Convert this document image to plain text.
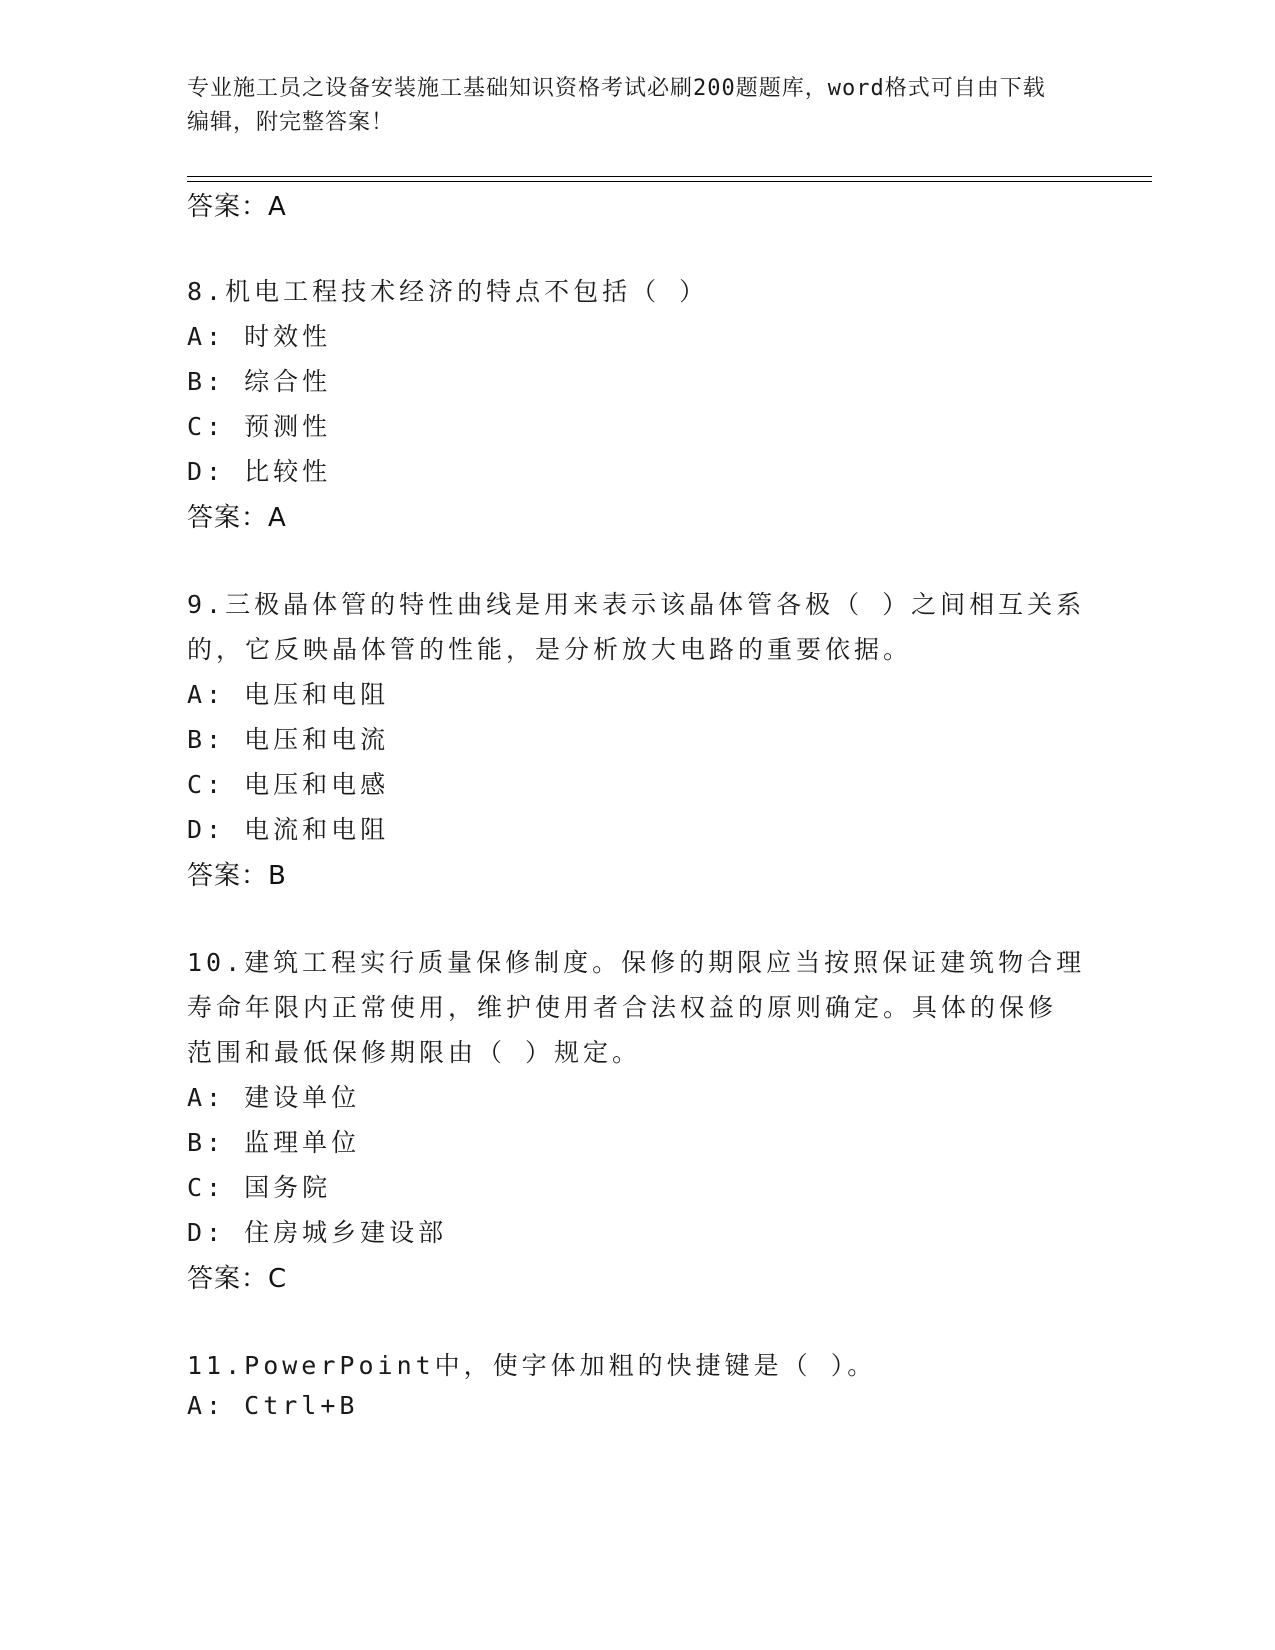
专业施工员之设备安装施工基础知识资格考试必刷200题题库，word格式可自由下载编辑，附完整答案！
答案：A
8.机电工程技术经济的特点不包括（ ）
A: 时效性
B: 综合性
C: 预测性
D: 比较性
答案：A
9.三极晶体管的特性曲线是用来表示该晶体管各极（ ）之间相互关系
的，它反映晶体管的性能，是分析放大电路的重要依据。
A: 电压和电阻
B: 电压和电流
C: 电压和电感
D: 电流和电阻
答案：B
10.建筑工程实行质量保修制度。保修的期限应当按照保证建筑物合理
寿命年限内正常使用，维护使用者合法权益的原则确定。具体的保修
范围和最低保修期限由（ ）规定。
A: 建设单位
B: 监理单位
C: 国务院
D: 住房城乡建设部
答案：C
11.PowerPoint中，使字体加粗的快捷键是（ ）。
A: Ctrl+B
